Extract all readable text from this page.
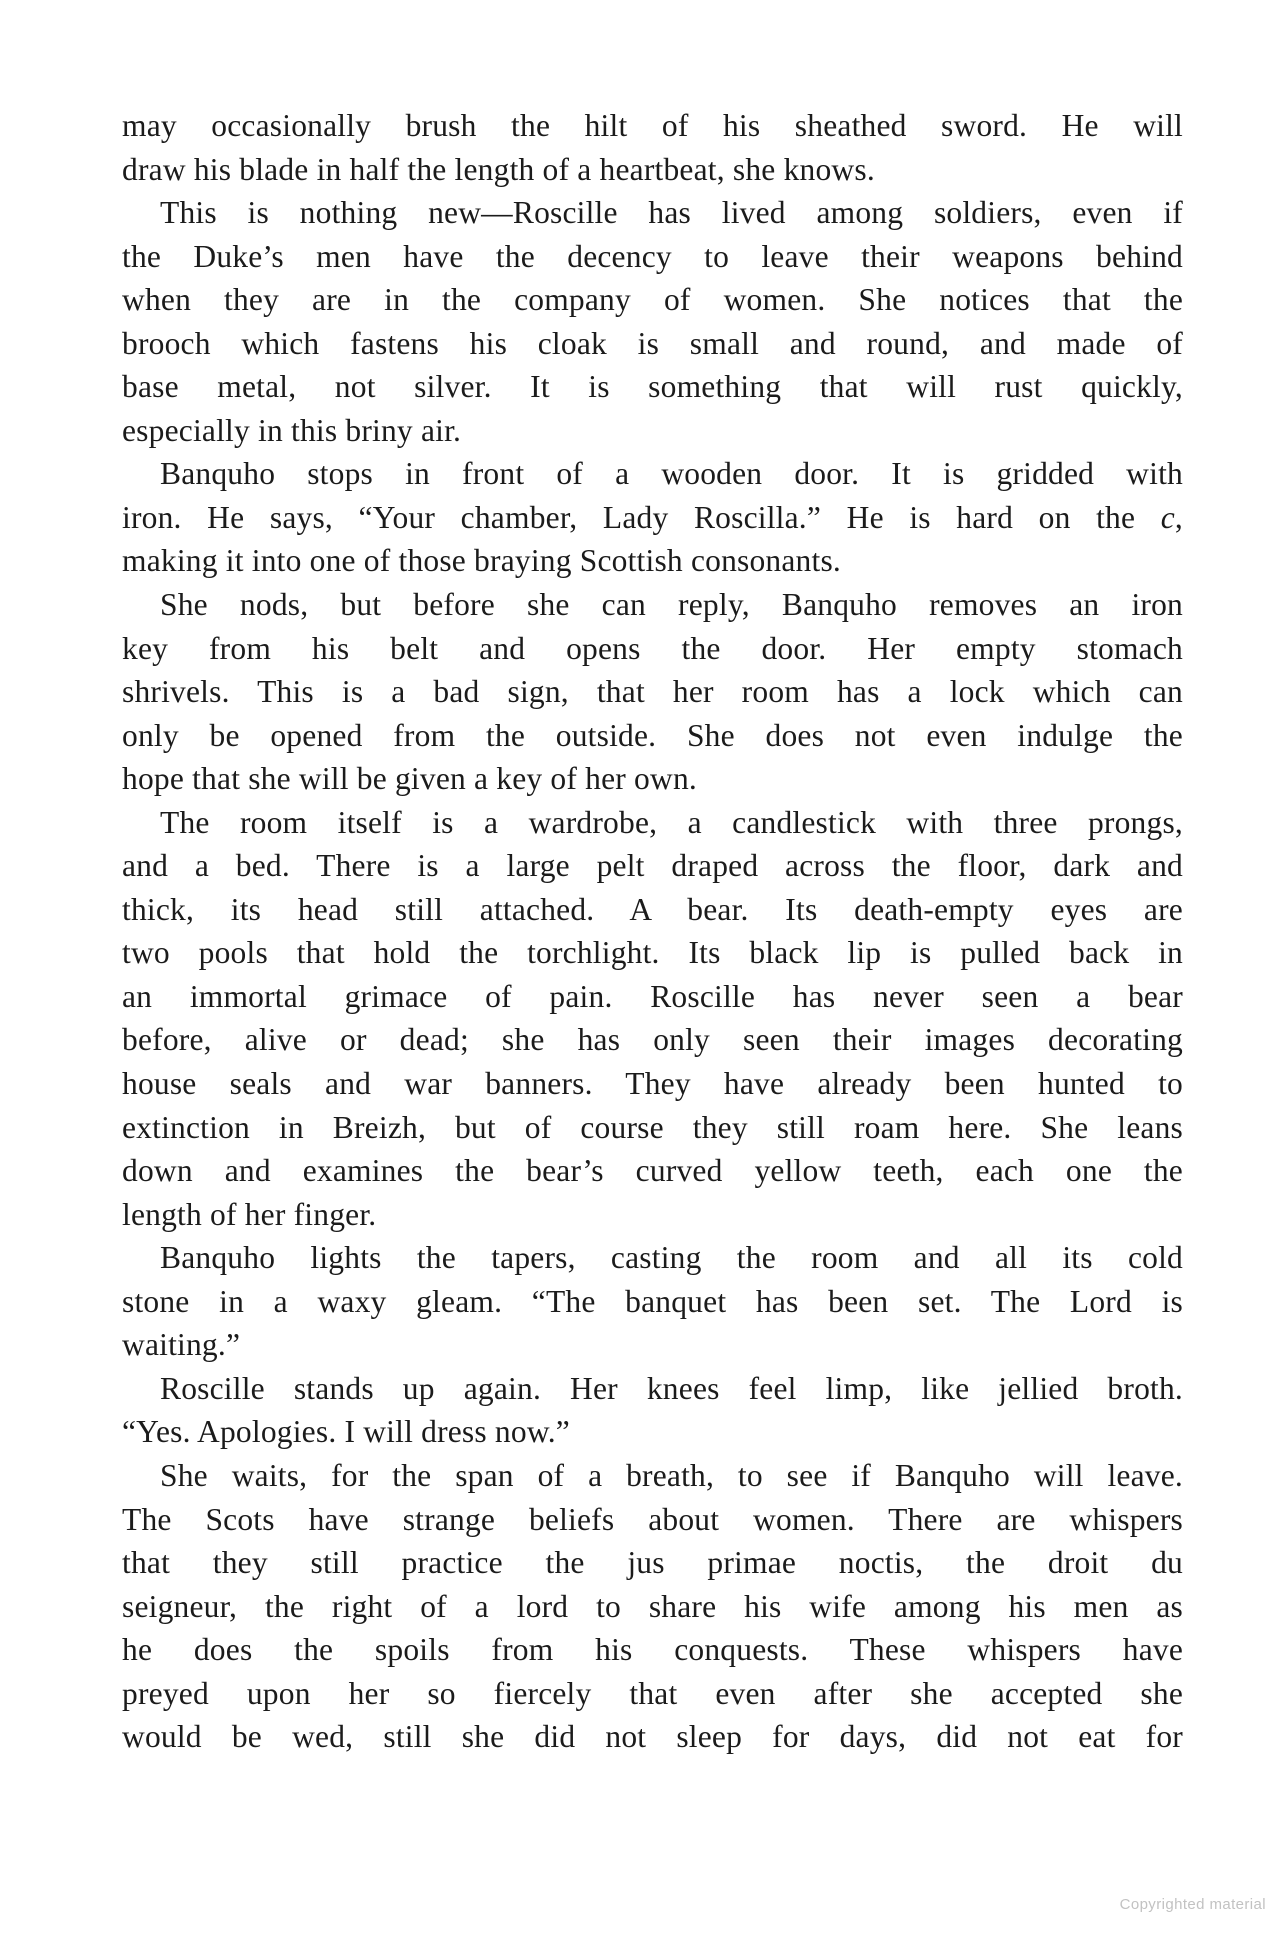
may occasionally brush the hilt of his sheathed sword. He will
draw his blade in half the length of a heartbeat, she knows.
This is nothing new—Roscille has lived among soldiers, even if
the Duke’s men have the decency to leave their weapons behind
when they are in the company of women. She notices that the
brooch which fastens his cloak is small and round, and made of
base metal, not silver. It is something that will rust quickly,
especially in this briny air.
Banquho stops in front of a wooden door. It is gridded with
iron. He says, “Your chamber, Lady Roscilla.” He is hard on the c,
making it into one of those braying Scottish consonants.
She nods, but before she can reply, Banquho removes an iron
key from his belt and opens the door. Her empty stomach
shrivels. This is a bad sign, that her room has a lock which can
only be opened from the outside. She does not even indulge the
hope that she will be given a key of her own.
The room itself is a wardrobe, a candlestick with three prongs,
and a bed. There is a large pelt draped across the floor, dark and
thick, its head still attached. A bear. Its death-empty eyes are
two pools that hold the torchlight. Its black lip is pulled back in
an immortal grimace of pain. Roscille has never seen a bear
before, alive or dead; she has only seen their images decorating
house seals and war banners. They have already been hunted to
extinction in Breizh, but of course they still roam here. She leans
down and examines the bear’s curved yellow teeth, each one the
length of her finger.
Banquho lights the tapers, casting the room and all its cold
stone in a waxy gleam. “The banquet has been set. The Lord is
waiting.”
Roscille stands up again. Her knees feel limp, like jellied broth.
“Yes. Apologies. I will dress now.”
She waits, for the span of a breath, to see if Banquho will leave.
The Scots have strange beliefs about women. There are whispers
that they still practice the jus primae noctis, the droit du
seigneur, the right of a lord to share his wife among his men as
he does the spoils from his conquests. These whispers have
preyed upon her so fiercely that even after she accepted she
would be wed, still she did not sleep for days, did not eat for
Copyrighted material
